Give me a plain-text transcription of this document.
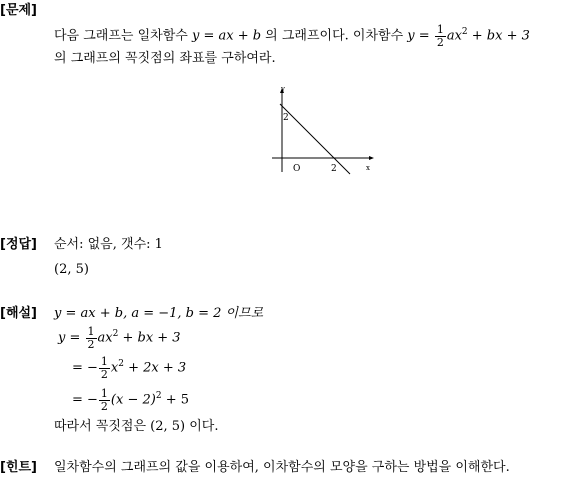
[문제]
다음 그래프는 일차함수 y = ax + b 의 그래프이다. 이차함수 $y = \frac{1}{2} ax^2$ + bx + 3
의 그래프의 꼭짓점의 좌표를 구하여라.
y
x
2
O	2
[정답] 순서: 없음, 갯수: 1
(2, 5)
[해설] y = ax + b, a = −1, b = 2 이므로
$y = \frac{1}{2} ax^2$ + bx + 3
= − $\frac{1}{2} x^2 + 2x + 3$
= − $\frac{1}{2} (x - 2)^2 + 5$
따라서 꼭짓점은 (2, 5) 이다.
[힌트] 일차함수의 그래프의 값을 이용하여, 이차함수의 모양을 구하는 방법을 이해한다.
